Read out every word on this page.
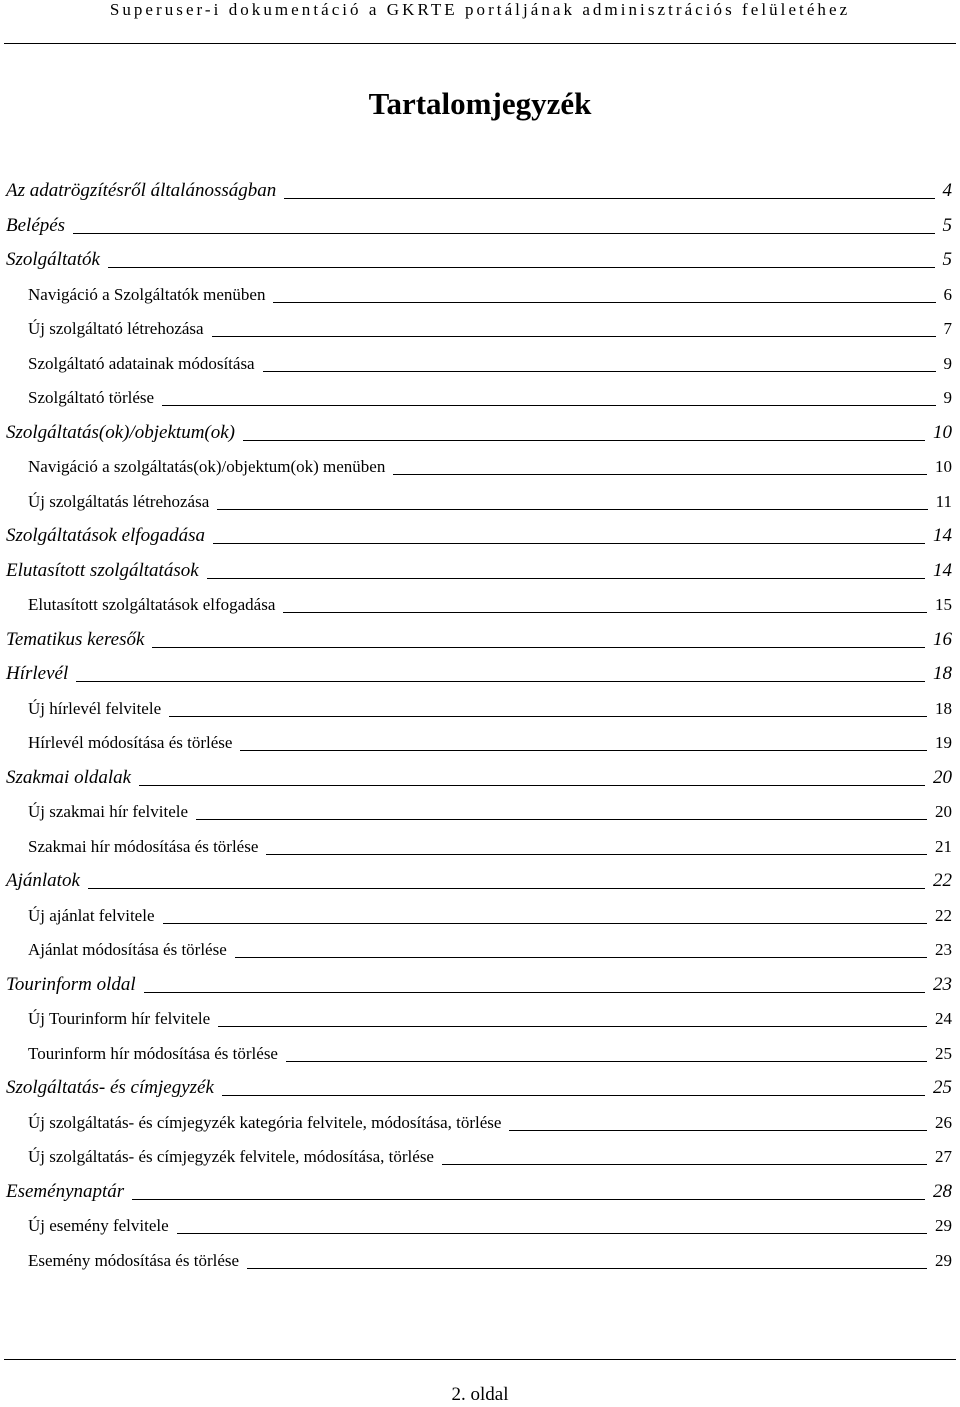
Superuser-i dokumentáció a GKRTE portáljának adminisztrációs felületéhez
Tartalomjegyzék
Az adatrögzítésről általánosságban	4
Belépés	5
Szolgáltatók	5
Navigáció a Szolgáltatók menüben	6
Új szolgáltató létrehozása	7
Szolgáltató adatainak módosítása	9
Szolgáltató törlése	9
Szolgáltatás(ok)/objektum(ok)	10
Navigáció a szolgáltatás(ok)/objektum(ok) menüben	10
Új szolgáltatás létrehozása	11
Szolgáltatások elfogadása	14
Elutasított szolgáltatások	14
Elutasított szolgáltatások elfogadása	15
Tematikus keresők	16
Hírlevél	18
Új hírlevél felvitele	18
Hírlevél módosítása és törlése	19
Szakmai oldalak	20
Új szakmai hír felvitele	20
Szakmai hír módosítása és törlése	21
Ajánlatok	22
Új ajánlat felvitele	22
Ajánlat módosítása és törlése	23
Tourinform oldal	23
Új Tourinform hír felvitele	24
Tourinform hír módosítása és törlése	25
Szolgáltatás- és címjegyzék	25
Új szolgáltatás- és címjegyzék kategória felvitele, módosítása, törlése	26
Új szolgáltatás- és címjegyzék felvitele, módosítása, törlése	27
Eseménynaptár	28
Új esemény felvitele	29
Esemény módosítása és törlése	29
2. oldal
